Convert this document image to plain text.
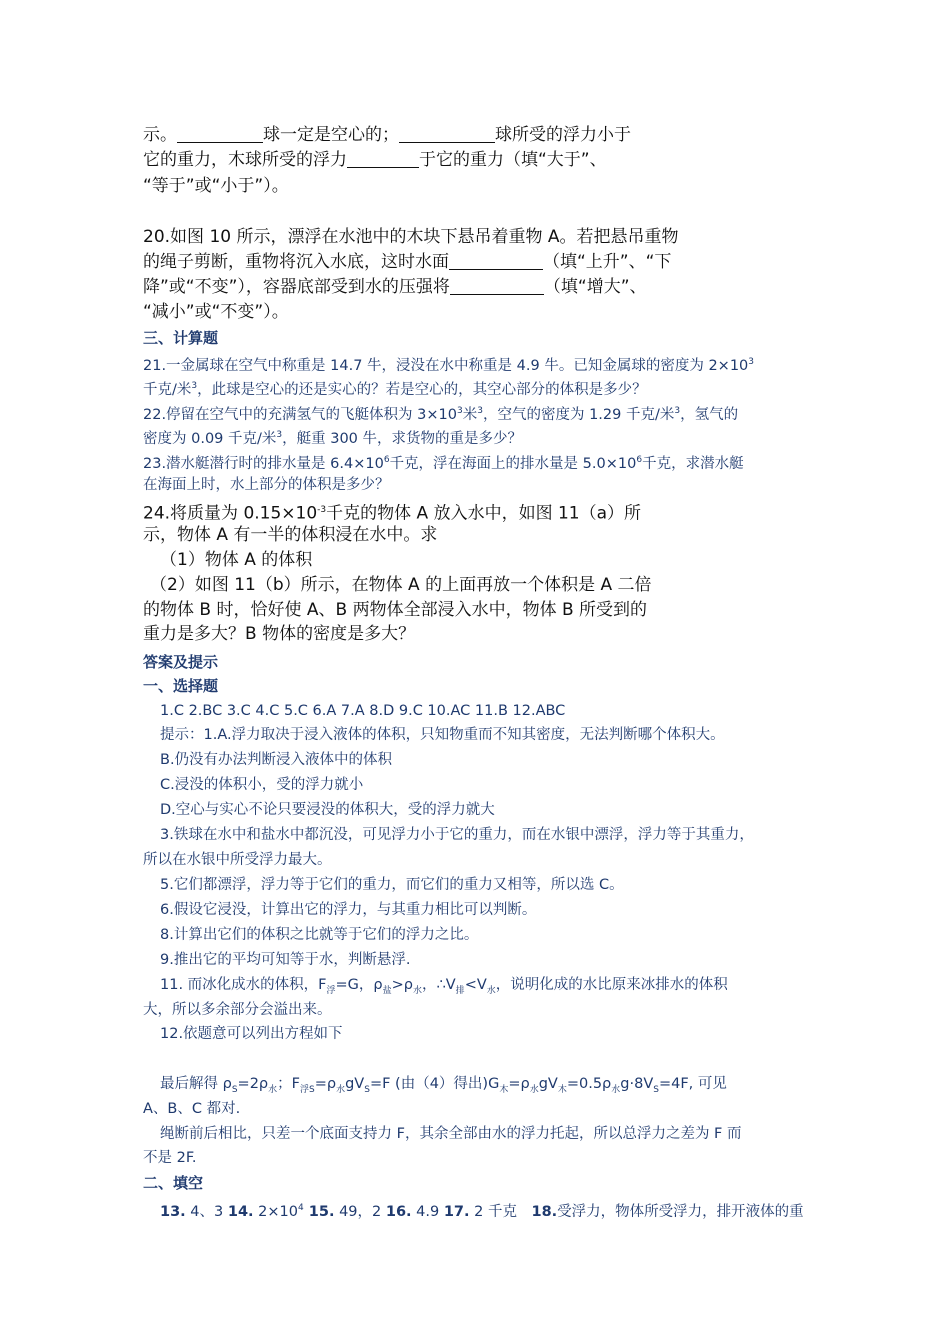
示。	球一定是空心的；	球所受的浮力小于
它的重力，木球所受的浮力	于它的重力（填“大于”、
“等于”或“小于”）。
20.如图 10 所示，漂浮在水池中的木块下悬吊着重物 A。若把悬吊重物
的绳子剪断，重物将沉入水底，这时水面	（填“上升”、“下
降”或“不变”），容器底部受到水的压强将	（填“增大”、
“减小”或“不变”）。
三、计算题
21.一金属球在空气中称重是 14.7 牛，浸没在水中称重是 4.9 牛。已知金属球的密度为 $2\times 10^3$
千克/米$^3$，此球是空心的还是实心的？若是空心的，其空心部分的体积是多少？
22.停留在空气中的充满氢气的飞艇体积为 $3\times 10^3$米$^3$，空气的密度为 1.29 千克/米$^3$，氢气的
密度为 0.09 千克/米$^3$，艇重 300 牛，求货物的重是多少？
23.潜水艇潜行时的排水量是 $6.4\times 10^6$千克，浮在海面上的排水量是 $5.0\times 10^6$千克，求潜水艇
在海面上时，水上部分的体积是多少？
24.将质量为 $0.15\times 10^{-3}$千克的物体 A 放入水中，如图 11（a）所
示，物体 A 有一半的体积浸在水中。求
（1）物体 A 的体积
（2）如图 11（b）所示，在物体 A 的上面再放一个体积是 A 二倍
的物体 B 时，恰好使 A、B 两物体全部浸入水中，物体 B 所受到的
重力是多大？B 物体的密度是多大？
答案及提示
一、选择题
1.C 2.BC 3.C 4.C 5.C 6.A 7.A 8.D 9.C 10.AC 11.B 12.ABC
提示：1.A.浮力取决于浸入液体的体积，只知物重而不知其密度，无法判断哪个体积大。
B.仍没有办法判断浸入液体中的体积
C.浸没的体积小，受的浮力就小
D.空心与实心不论只要浸没的体积大，受的浮力就大
3.铁球在水中和盐水中都沉没，可见浮力小于它的重力，而在水银中漂浮，浮力等于其重力，
所以在水银中所受浮力最大。
5.它们都漂浮，浮力等于它们的重力，而它们的重力又相等，所以选 C。
6.假设它浸没，计算出它的浮力，与其重力相比可以判断。
8.计算出它们的体积之比就等于它们的浮力之比。
9.推出它的平均可知等于水，判断悬浮.
11. 而冰化成水的体积，$F_浮=G$，$\rho_盐>\rho_水$，$\therefore V_排<V_水$，说明化成的水比原来冰排水的体积
大，所以多余部分会溢出来。
12.依题意可以列出方程如下
最后解得 $\rho_S=2\rho_水$；$F_{浮S}=\rho_水gV_S=F$ (由（4）得出)$G_木=\rho_水gV_木=0.5\rho_水g\cdot 8V_S=4F$, 可见
A、B、C 都对.
绳断前后相比，只差一个底面支持力 F，其余全部由水的浮力托起，所以总浮力之差为 F 而
不是 2F.
二、填空
13. 4、3 14. $2\times 10^4$ 15. 49，2 16. 4.9 17. 2 千克　18.受浮力，物体所受浮力，排开液体的重
